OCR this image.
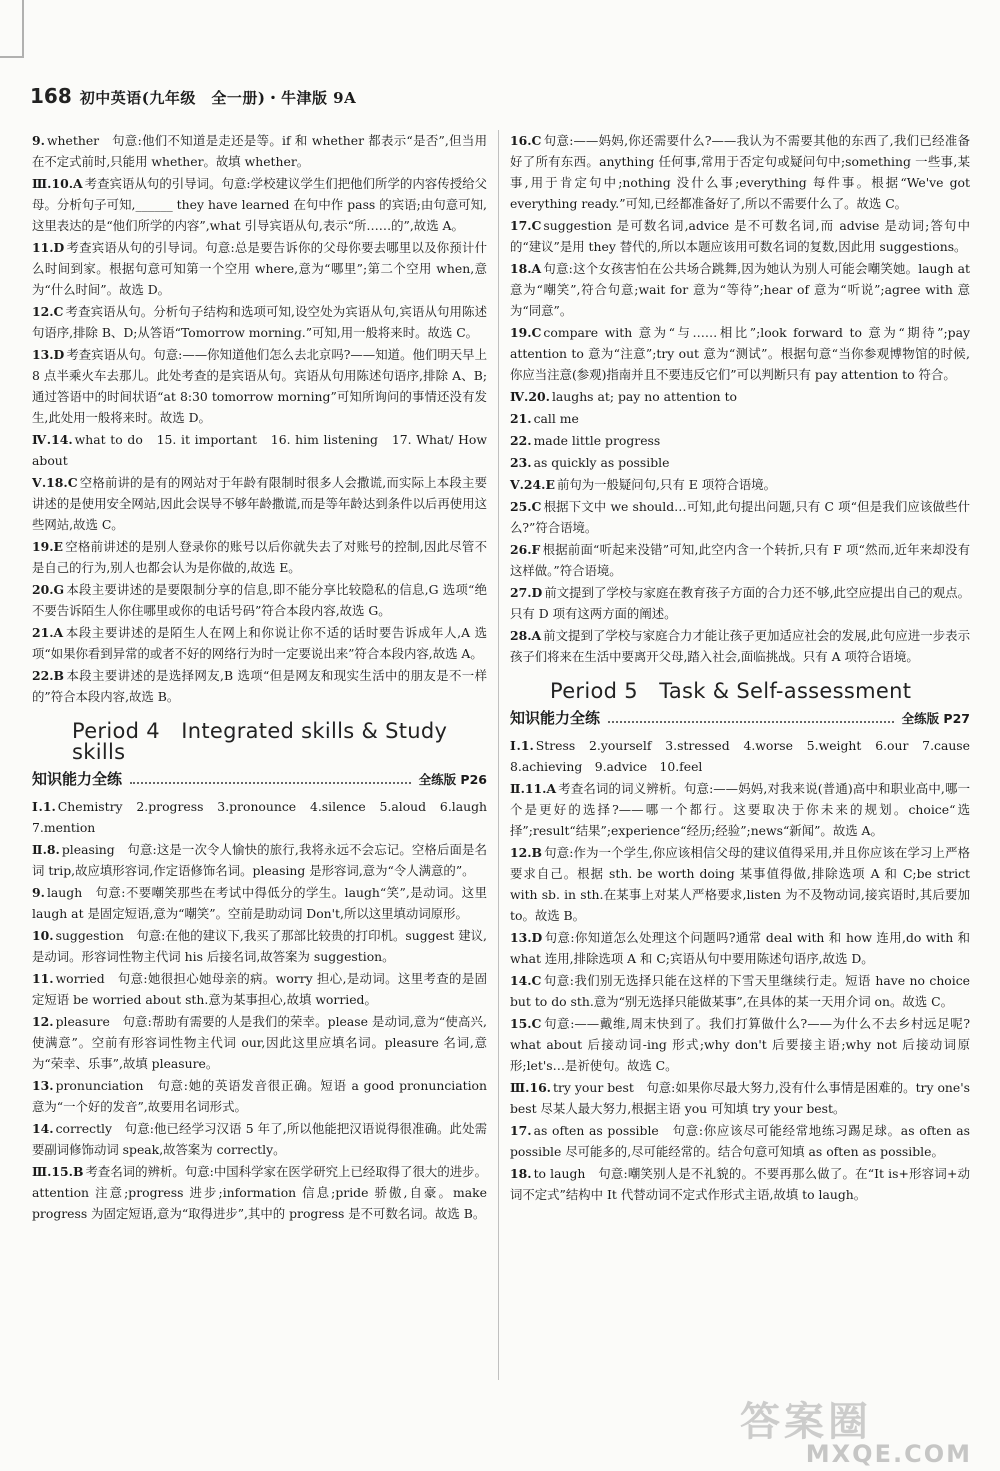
168 初中英语(九年级　全一册)・牛津版 9A
9. whether　句意:他们不知道是走还是等。if 和 whether 都表示“是否”,但当用在不定式前时,只能用 whether。故填 whether。
Ⅲ.10.A 考查宾语从句的引导词。句意:学校建议学生们把他们所学的内容传授给父母。分析句子可知,______ they have learned 在句中作 pass 的宾语;由句意可知,这里表达的是“他们所学的内容”,what 引导宾语从句,表示“所……的”,故选 A。
11.D 考查宾语从句的引导词。句意:总是要告诉你的父母你要去哪里以及你预计什么时间到家。根据句意可知第一个空用 where,意为“哪里”;第二个空用 when,意为“什么时间”。故选 D。
12.C 考查宾语从句。分析句子结构和选项可知,设空处为宾语从句,宾语从句用陈述句语序,排除 B、D;从答语“Tomorrow morning.”可知,用一般将来时。故选 C。
13.D 考查宾语从句。句意:——你知道他们怎么去北京吗?——知道。他们明天早上 8 点半乘火车去那儿。此处考查的是宾语从句。宾语从句用陈述句语序,排除 A、B;通过答语中的时间状语“at 8:30 tomorrow morning”可知所询问的事情还没有发生,此处用一般将来时。故选 D。
Ⅳ.14. what to do　15. it important　16. him listening　17. What/ How about
Ⅴ.18.C 空格前讲的是有的网站对于年龄有限制时很多人会撒谎,而实际上本段主要讲述的是使用安全网站,因此会误导不够年龄撒谎,而是等年龄达到条件以后再使用这些网站,故选 C。
19.E 空格前讲述的是别人登录你的账号以后你就失去了对账号的控制,因此尽管不是自己的行为,别人也都会认为是你做的,故选 E。
20.G 本段主要讲述的是要限制分享的信息,即不能分享比较隐私的信息,G 选项“绝不要告诉陌生人你住哪里或你的电话号码”符合本段内容,故选 G。
21.A 本段主要讲述的是陌生人在网上和你说让你不适的话时要告诉成年人,A 选项“如果你看到异常的或者不好的网络行为时一定要说出来”符合本段内容,故选 A。
22.B 本段主要讲述的是选择网友,B 选项“但是网友和现实生活中的朋友是不一样的”符合本段内容,故选 B。
Period 4　Integrated skills & Study skills
知识能力全练	全练版 P26
Ⅰ.1. Chemistry　2.progress　3.pronounce　4.silence　5.aloud　6.laugh　7.mention
Ⅱ.8. pleasing　句意:这是一次令人愉快的旅行,我将永远不会忘记。空格后面是名词 trip,故应填形容词,作定语修饰名词。pleasing 是形容词,意为“令人满意的”。
9. laugh　句意:不要嘲笑那些在考试中得低分的学生。laugh“笑”,是动词。这里 laugh at 是固定短语,意为“嘲笑”。空前是助动词 Don't,所以这里填动词原形。
10. suggestion　句意:在他的建议下,我买了那部比较贵的打印机。suggest 建议,是动词。形容词性物主代词 his 后接名词,故答案为 suggestion。
11. worried　句意:她很担心她母亲的病。worry 担心,是动词。这里考查的是固定短语 be worried about sth.意为某事担心,故填 worried。
12. pleasure　句意:帮助有需要的人是我们的荣幸。please 是动词,意为“使高兴,使满意”。空前有形容词性物主代词 our,因此这里应填名词。pleasure 名词,意为“荣幸、乐事”,故填 pleasure。
13. pronunciation　句意:她的英语发音很正确。短语 a good pronunciation 意为“一个好的发音”,故要用名词形式。
14. correctly　句意:他已经学习汉语 5 年了,所以他能把汉语说得很准确。此处需要副词修饰动词 speak,故答案为 correctly。
Ⅲ.15.B 考查名词的辨析。句意:中国科学家在医学研究上已经取得了很大的进步。attention 注意;progress 进步;information 信息;pride 骄傲,自豪。make progress 为固定短语,意为“取得进步”,其中的 progress 是不可数名词。故选 B。
16.C 句意:——妈妈,你还需要什么?——我认为不需要其他的东西了,我们已经准备好了所有东西。anything 任何事,常用于否定句或疑问句中;something 一些事,某事,用于肯定句中;nothing 没什么事;everything 每件事。根据“We've got everything ready.”可知,已经都准备好了,所以不需要什么了。故选 C。
17.C suggestion 是可数名词,advice 是不可数名词,而 advise 是动词;答句中的“建议”是用 they 替代的,所以本题应该用可数名词的复数,因此用 suggestions。
18.A 句意:这个女孩害怕在公共场合跳舞,因为她认为别人可能会嘲笑她。laugh at 意为“嘲笑”,符合句意;wait for 意为“等待”;hear of 意为“听说”;agree with 意为“同意”。
19.C compare with 意为“与……相比”;look forward to 意为“期待”;pay attention to 意为“注意”;try out 意为“测试”。根据句意“当你参观博物馆的时候,你应当注意(参观)指南并且不要违反它们”可以判断只有 pay attention to 符合。
Ⅳ.20. laughs at; pay no attention to
21. call me
22. made little progress
23. as quickly as possible
Ⅴ.24.E 前句为一般疑问句,只有 E 项符合语境。
25.C 根据下文中 we should…可知,此句提出问题,只有 C 项“但是我们应该做些什么?”符合语境。
26.F 根据前面“听起来没错”可知,此空内含一个转折,只有 F 项“然而,近年来却没有这样做。”符合语境。
27.D 前文提到了学校与家庭在教育孩子方面的合力还不够,此空应提出自己的观点。只有 D 项有这两方面的阐述。
28.A 前文提到了学校与家庭合力才能让孩子更加适应社会的发展,此句应进一步表示孩子们将来在生活中要离开父母,踏入社会,面临挑战。只有 A 项符合语境。
Period 5　Task & Self-assessment
知识能力全练	全练版 P27
Ⅰ.1. Stress　2.yourself　3.stressed　4.worse　5.weight　6.our　7.cause　8.achieving　9.advice　10.feel
Ⅱ.11.A 考查名词的词义辨析。句意:——妈妈,对我来说(普通)高中和职业高中,哪一个是更好的选择?——哪一个都行。这要取决于你未来的规划。choice“选择”;result“结果”;experience“经历;经验”;news“新闻”。故选 A。
12.B 句意:作为一个学生,你应该相信父母的建议值得采用,并且你应该在学习上严格要求自己。根据 sth. be worth doing 某事值得做,排除选项 A 和 C;be strict with sb. in sth.在某事上对某人严格要求,listen 为不及物动词,接宾语时,其后要加 to。故选 B。
13.D 句意:你知道怎么处理这个问题吗?通常 deal with 和 how 连用,do with 和 what 连用,排除选项 A 和 C;宾语从句中要用陈述句语序,故选 D。
14.C 句意:我们别无选择只能在这样的下雪天里继续行走。短语 have no choice but to do sth.意为“别无选择只能做某事”,在具体的某一天用介词 on。故选 C。
15.C 句意:——戴维,周末快到了。我们打算做什么?——为什么不去乡村远足呢?what about 后接动词-ing 形式;why don't 后要接主语;why not 后接动词原形;let's…是祈使句。故选 C。
Ⅲ.16. try your best　句意:如果你尽最大努力,没有什么事情是困难的。try one's best 尽某人最大努力,根据主语 you 可知填 try your best。
17. as often as possible　句意:你应该尽可能经常地练习踢足球。as often as possible 尽可能多的,尽可能经常的。结合句意可知填 as often as possible。
18. to laugh　句意:嘲笑别人是不礼貌的。不要再那么做了。在“It is+形容词+动词不定式”结构中 It 代替动词不定式作形式主语,故填 to laugh。
答案圈
MXQE.COM
